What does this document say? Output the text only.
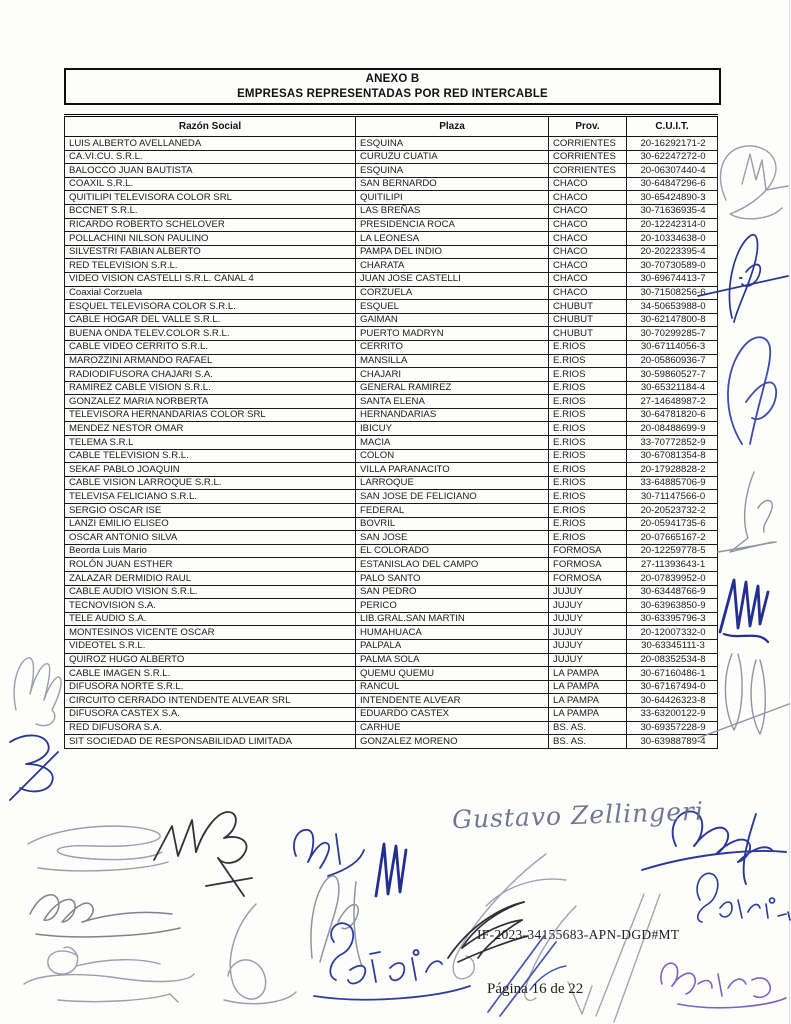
ANEXO B
EMPRESAS REPRESENTADAS POR RED INTERCABLE
Razón Social	Plaza	Prov.	C.U.I.T.
LUIS ALBERTO AVELLANEDA	ESQUINA	CORRIENTES	20-16292171-2
CA.VI.CU. S.R.L.	CURUZU CUATIA	CORRIENTES	30-62247272-0
BALOCCO JUAN BAUTISTA	ESQUINA	CORRIENTES	20-06307440-4
COAXIL S.R.L.	SAN BERNARDO	CHACO	30-64847296-6
QUITILIPI TELEVISORA COLOR SRL	QUITILIPI	CHACO	30-65424890-3
BCCNET S.R.L.	LAS BREÑAS	CHACO	30-71636935-4
RICARDO ROBERTO SCHELOVER	PRESIDENCIA ROCA	CHACO	20-12242314-0
POLLACHINI NILSON PAULINO	LA LEONESA	CHACO	20-10334638-0
SILVESTRI FABIAN ALBERTO	PAMPA DEL INDIO	CHACO	20-20223395-4
RED TELEVISION S.R.L.	CHARATA	CHACO	30-70730589-0
VIDEO VISION CASTELLI S.R.L. CANAL 4	JUAN JOSE CASTELLI	CHACO	30-69674413-7
Coaxial Corzuela	CORZUELA	CHACO	30-71508256-6
ESQUEL TELEVISORA COLOR S.R.L.	ESQUEL	CHUBUT	34-50653988-0
CABLE HOGAR DEL VALLE S.R.L.	GAIMAN	CHUBUT	30-62147800-8
BUENA ONDA TELEV.COLOR S.R.L.	PUERTO MADRYN	CHUBUT	30-70299285-7
CABLE VIDEO CERRITO S.R.L.	CERRITO	E.RIOS	30-67114056-3
MAROZZINI ARMANDO RAFAEL	MANSILLA	E.RIOS	20-05860936-7
RADIODIFUSORA CHAJARI S.A.	CHAJARI	E.RIOS	30-59860527-7
RAMIREZ CABLE VISION S.R.L.	GENERAL RAMIREZ	E.RIOS	30-65321184-4
GONZALEZ MARIA NORBERTA	SANTA ELENA	E.RIOS	27-14648987-2
TELEVISORA HERNANDARIAS COLOR SRL	HERNANDARIAS	E.RIOS	30-64781820-6
MENDEZ NESTOR OMAR	IBICUY	E.RIOS	20-08488699-9
TELEMA S.R.L	MACIA	E.RIOS	33-70772852-9
CABLE TELEVISION S.R.L.	COLON	E.RIOS	30-67081354-8
SEKAF PABLO JOAQUIN	VILLA PARANACITO	E.RIOS	20-17928828-2
CABLE VISION LARROQUE S.R.L.	LARROQUE	E.RIOS	33-64885706-9
TELEVISA FELICIANO S.R.L.	SAN JOSE DE FELICIANO	E.RIOS	30-71147566-0
SERGIO OSCAR ISE	FEDERAL	E.RIOS	20-20523732-2
LANZI EMILIO ELISEO	BOVRIL	E.RIOS	20-05941735-6
OSCAR ANTONIO SILVA	SAN JOSE	E.RIOS	20-07665167-2
Beorda Luis Mario	EL COLORADO	FORMOSA	20-12259778-5
ROLÓN JUAN ESTHER	ESTANISLAO DEL CAMPO	FORMOSA	27-11393643-1
ZALAZAR DERMIDIO RAUL	PALO SANTO	FORMOSA	20-07839952-0
CABLE AUDIO VISION S.R.L.	SAN PEDRO	JUJUY	30-63448766-9
TECNOVISION S.A.	PERICO	JUJUY	30-63963850-9
TELE AUDIO S.A.	LIB.GRAL.SAN MARTIN	JUJUY	30-63395796-3
MONTESINOS VICENTE OSCAR	HUMAHUACA	JUJUY	20-12007332-0
VIDEOTEL S.R.L.	PALPALA	JUJUY	30-63345111-3
QUIROZ HUGO ALBERTO	PALMA SOLA	JUJUY	20-08352534-8
CABLE IMAGEN S.R.L.	QUEMU QUEMU	LA PAMPA	30-67160486-1
DIFUSORA NORTE S.R.L.	RANCUL	LA PAMPA	30-67167494-0
CIRCUITO CERRADO INTENDENTE ALVEAR SRL	INTENDENTE ALVEAR	LA PAMPA	30-64426323-8
DIFUSORA CASTEX S.A.	EDUARDO CASTEX	LA PAMPA	33-63200122-9
RED DIFUSORA S.A.	CARHUE	BS. AS.	30-69357228-9
SIT SOCIEDAD DE RESPONSABILIDAD LIMITADA	GONZALEZ MORENO	BS. AS.	30-63988789-4
Gustavo Zellingeri
IF-2023-34155683-APN-DGD#MT
Página 16 de 22
